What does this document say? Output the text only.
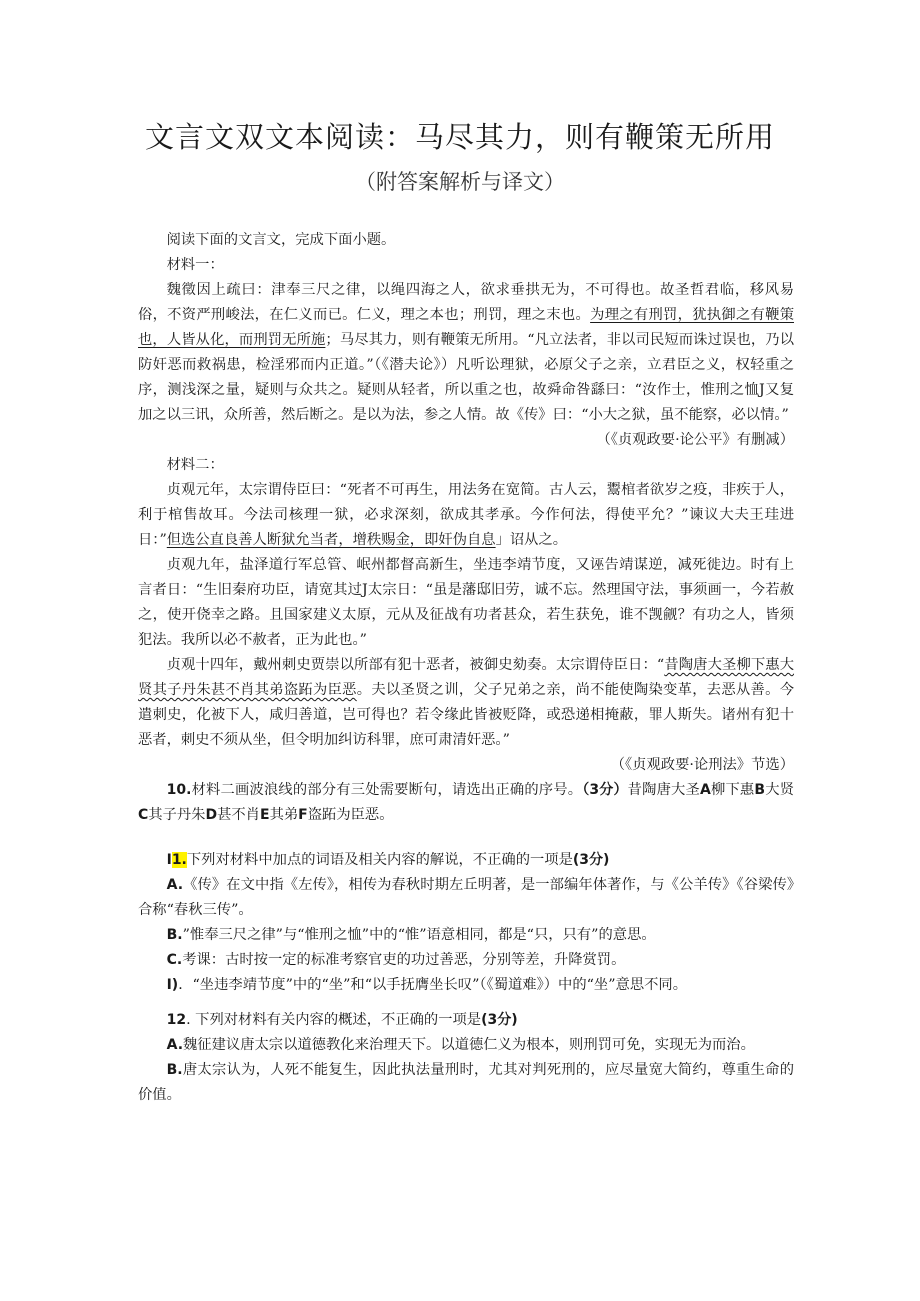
文言文双文本阅读：马尽其力，则有鞭策无所用
（附答案解析与译文）

阅读下面的文言文，完成下面小题。

材料一：

魏徵因上疏曰：津奉三尺之律，以绳四海之人，欲求垂拱无为，不可得也。故圣哲君临，移风易俗，不资严刑峻法，在仁义而已。仁义，理之本也；刑罚，理之末也。为理之有刑罚，犹执御之有鞭策也，人皆从化，而刑罚无所施；马尽其力，则有鞭策无所用。“凡立法者，非以司民短而诛过误也，乃以防奸恶而救祸患，检淫邪而内正道。”（《潜夫论》）凡听讼理狱，必原父子之亲，立君臣之义，权轻重之序，测浅深之量，疑则与众共之。疑则从轻者，所以重之也，故舜命咎繇曰：“汝作士，惟刑之恤J又复加之以三讯，众所善，然后断之。是以为法，参之人情。故《传》曰：“小大之狱，虽不能察，必以情。”

（《贞观政要·论公平》有删减）

材料二：

贞观元年，太宗谓侍臣曰：“死者不可再生，用法务在宽简。古人云，鬻棺者欲岁之疫，非疾于人，利于棺售故耳。今法司核理一狱，必求深刻，欲成其孝承。今作何法，得使平允？”谏议大夫王珪进日：”但选公直良善人断狱允当者，增秩赐金，即奸伪自息」诏从之。

贞观九年，盐泽道行军总管、岷州都督高新生，坐违李靖节度，又诬告靖谋逆，减死徙边。时有上言者日：“生旧秦府功臣，请宽其过J太宗日：“虽是藩邸旧劳，诚不忘。然理国守法，事须画一，今若赦之，使开侥幸之路。且国家建义太原，元从及征战有功者甚众，若生获免，谁不觊觎？有功之人，皆须犯法。我所以必不赦者，正为此也。”

贞观十四年，戴州刺史贾崇以所部有犯十恶者，被御史劾奏。太宗谓侍臣日：“昔陶唐大圣柳下惠大贤其子丹朱甚不肖其弟盗跖为臣恶。夫以圣贤之训，父子兄弟之亲，尚不能使陶染变革，去恶从善。今遣刺史，化被下人，咸归善道，岂可得也？若令缘此皆被贬降，或恐递相掩蔽，罪人斯失。诸州有犯十恶者，刺史不须从坐，但令明加纠访科罪，庶可肃清奸恶。”

（《贞观政要·论刑法》节选）

10.材料二画波浪线的部分有三处需要断句，请选出正确的序号。（3分）昔陶唐大圣A柳下惠B大贤C其子丹朱D甚不肖E其弟F盗跖为臣恶。

I1.下列对材料中加点的词语及相关内容的解说，不正确的一项是(3分)

A.《传》在文中指《左传》，相传为春秋时期左丘明著，是一部编年体著作，与《公羊传》《谷梁传》合称“春秋三传”。

B.”惟奉三尺之律”与“惟刑之恤”中的“惟”语意相同，都是“只，只有”的意思。

C.考课：古时按一定的标准考察官吏的功过善恶，分别等差，升降赏罚。

I)．“坐违李靖节度”中的“坐”和“以手抚膺坐长叹”（《蜀道难》）中的“坐”意思不同。

12. 下列对材料有关内容的概述，不正确的一项是(3分)

A.魏征建议唐太宗以道德教化来治理天下。以道德仁义为根本，则刑罚可免，实现无为而治。

B.唐太宗认为，人死不能复生，因此执法量刑时，尤其对判死刑的，应尽量宽大简约，尊重生命的价值。
